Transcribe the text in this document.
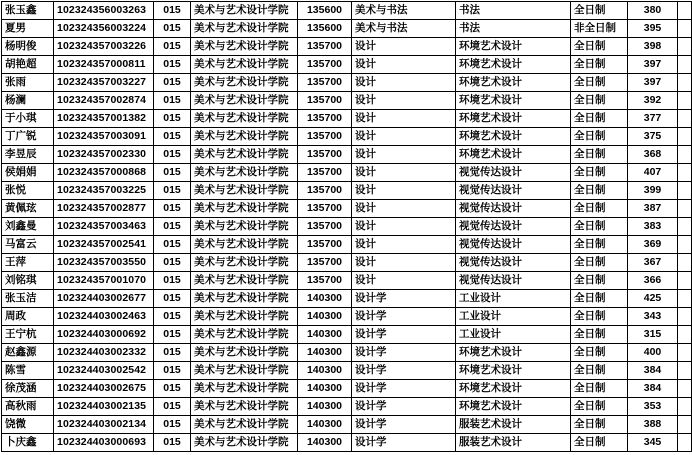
张玉鑫	102324356003263	015	美术与艺术设计学院	135600	美术与书法	书法	全日制	380	
夏男	102324356003224	015	美术与艺术设计学院	135600	美术与书法	书法	非全日制	395	
杨明俊	102324357003226	015	美术与艺术设计学院	135700	设计	环境艺术设计	全日制	398	
胡艳超	102324357000811	015	美术与艺术设计学院	135700	设计	环境艺术设计	全日制	397	
张雨	102324357003227	015	美术与艺术设计学院	135700	设计	环境艺术设计	全日制	397	
杨澜	102324357002874	015	美术与艺术设计学院	135700	设计	环境艺术设计	全日制	392	
于小琪	102324357001382	015	美术与艺术设计学院	135700	设计	环境艺术设计	全日制	377	
丁广锐	102324357003091	015	美术与艺术设计学院	135700	设计	环境艺术设计	全日制	375	
李昱辰	102324357002330	015	美术与艺术设计学院	135700	设计	环境艺术设计	全日制	368	
侯娟娟	102324357000868	015	美术与艺术设计学院	135700	设计	视觉传达设计	全日制	407	
张悦	102324357003225	015	美术与艺术设计学院	135700	设计	视觉传达设计	全日制	399	
黄佩玹	102324357002877	015	美术与艺术设计学院	135700	设计	视觉传达设计	全日制	387	
刘鑫曼	102324357003463	015	美术与艺术设计学院	135700	设计	视觉传达设计	全日制	383	
马富云	102324357002541	015	美术与艺术设计学院	135700	设计	视觉传达设计	全日制	369	
王萍	102324357003550	015	美术与艺术设计学院	135700	设计	视觉传达设计	全日制	367	
刘铭琪	102324357001070	015	美术与艺术设计学院	135700	设计	视觉传达设计	全日制	366	
张玉洁	102324403002677	015	美术与艺术设计学院	140300	设计学	工业设计	全日制	425	
周政	102324403002463	015	美术与艺术设计学院	140300	设计学	工业设计	全日制	343	
王宁杭	102324403000692	015	美术与艺术设计学院	140300	设计学	工业设计	全日制	315	
赵鑫源	102324403002332	015	美术与艺术设计学院	140300	设计学	环境艺术设计	全日制	400	
陈雪	102324403002542	015	美术与艺术设计学院	140300	设计学	环境艺术设计	全日制	384	
徐茂涵	102324403002675	015	美术与艺术设计学院	140300	设计学	环境艺术设计	全日制	384	
高秋雨	102324403002135	015	美术与艺术设计学院	140300	设计学	环境艺术设计	全日制	353	
饶微	102324403002134	015	美术与艺术设计学院	140300	设计学	服装艺术设计	全日制	388	
卜庆鑫	102324403000693	015	美术与艺术设计学院	140300	设计学	服装艺术设计	全日制	345	
